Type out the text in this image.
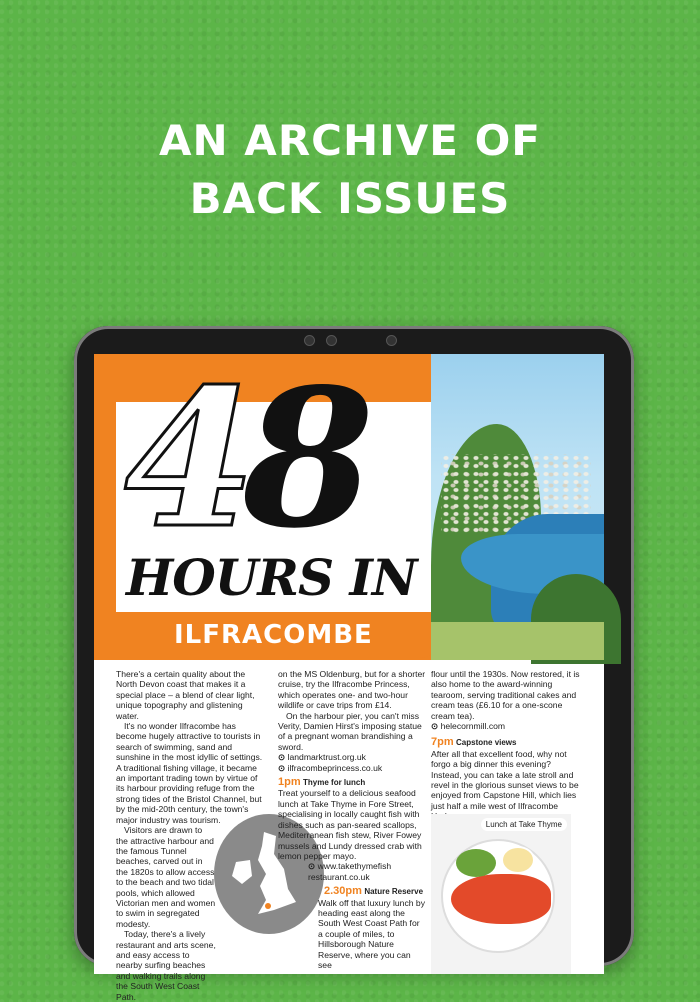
AN ARCHIVE OF
BACK ISSUES
48
HOURS IN
ILFRACOMBE

There's a certain quality about the North Devon coast that makes it a special place – a blend of clear light, unique topography and glistening water.

It's no wonder Ilfracombe has become hugely attractive to tourists in search of swimming, sand and sunshine in the most idyllic of settings. A traditional fishing village, it became an important trading town by virtue of its harbour providing refuge from the strong tides of the Bristol Channel, but by the mid-20th century, the town's major industry was tourism.

Visitors are drawn to the attractive harbour and the famous Tunnel beaches, carved out in the 1820s to allow access to the beach and two tidal pools, which allowed Victorian men and women to swim in segregated modesty.

Today, there's a lively restaurant and arts scene, and easy access to nearby surfing beaches and walking trails along the South West Coast Path.

on the MS Oldenburg, but for a shorter cruise, try the Ilfracombe Princess, which operates one- and two-hour wildlife or cave trips from £14.

On the harbour pier, you can't miss Verity, Damien Hirst's imposing statue of a pregnant woman brandishing a sword.

⊙ landmarktrust.org.uk

⊙ ilfracombeprincess.co.uk

1pm Thyme for lunch

Treat yourself to a delicious seafood lunch at Take Thyme in Fore Street, specialising in locally caught fish with dishes such as pan-seared scallops, Mediterranean fish stew, River Fowey mussels and Lundy dressed crab with lemon pepper mayo.

⊙ www.takethymefish restaurant.co.uk

2.30pm Nature Reserve

Walk off that luxury lunch by heading east along the South West Coast Path for a couple of miles, to Hillsborough Nature Reserve, where you can see

flour until the 1930s. Now restored, it is also home to the award-winning tearoom, serving traditional cakes and cream teas (£6.10 for a one-scone cream tea).

⊙ helecornmill.com

7pm Capstone views

After all that excellent food, why not forgo a big dinner this evening? Instead, you can take a late stroll and revel in the glorious sunset views to be enjoyed from Capstone Hill, which lies just half a mile west of Ilfracombe

Lunch at Take Thyme
